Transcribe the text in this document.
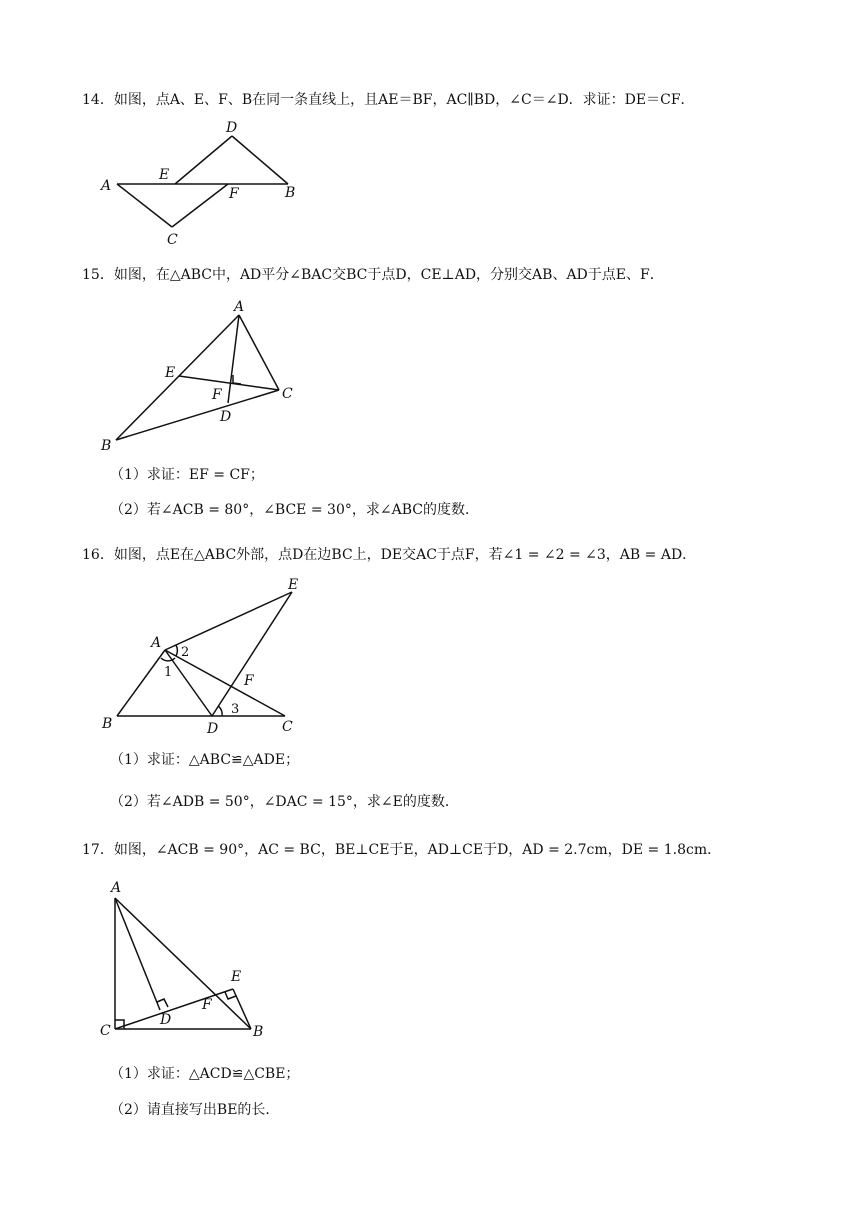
14．如图，点A、E、F、B在同一条直线上，且AE＝BF，AC∥BD，∠C＝∠D．求证：DE＝CF．
D
E
A	F	B
C
15．如图，在△ABC中，AD平分∠BAC交BC于点D，CE⊥AD，分别交AB、AD于点E、F．
A
E
F	C
D
B
（1）求证：EF = CF；
（2）若∠ACB = 80°，∠BCE = 30°，求∠ABC的度数．
16．如图，点E在△ABC外部，点D在边BC上，DE交AC于点F，若∠1 = ∠2 = ∠3，AB = AD．
E
A
2
1
F
3
B	D	C
（1）求证：△ABC≌△ADE；
（2）若∠ADB = 50°，∠DAC = 15°，求∠E的度数．
17．如图，∠ACB = 90°，AC = BC，BE⊥CE于E，AD⊥CE于D，AD = 2.7cm，DE = 1.8cm．
A
E
F
D
C	B
（1）求证：△ACD≌△CBE；
（2）请直接写出BE的长．
